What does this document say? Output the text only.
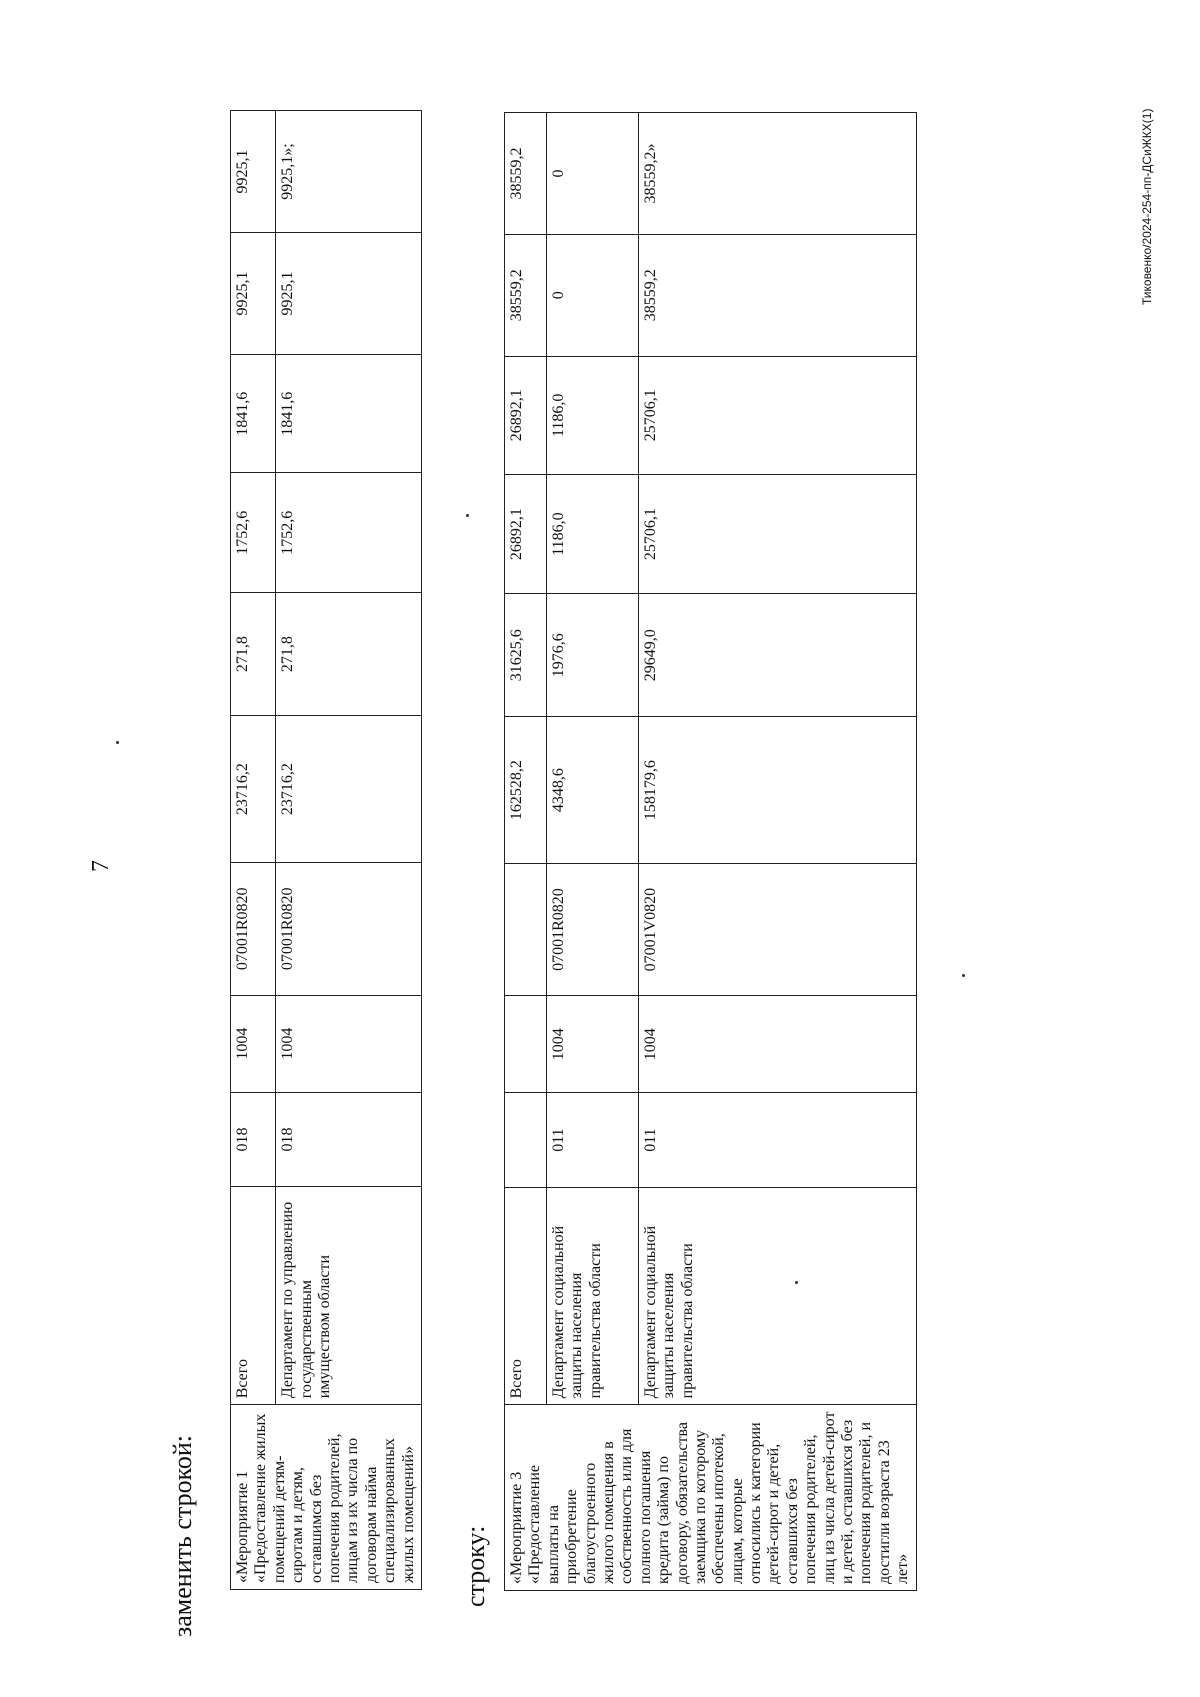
7
заменить строкой: «Мероприятие 1 «Предоставление жилых помещений детям-сиротам и детям, оставшимся без попечения родителей, лицам из их числа по договорам найма специализированных жилых помещений»	Всего	018	1004	07001R0820	23716,2	271,8	1752,6	1841,6	9925,1	9925,1
	Департамент по управлению государственным имуществом области	018	1004	07001R0820	23716,2	271,8	1752,6	1841,6	9925,1	9925,1»;
строку: «Мероприятие 3 «Предоставление выплаты на приобретение благоустроенного жилого помещения в собственность или для полного погашения кредита (займа) по договору, обязательства заемщика по которому обеспечены ипотекой, лицам, которые относились к категории детей-сирот и детей, оставшихся без попечения родителей, лиц из числа детей-сирот и детей, оставшихся без попечения родителей, и достигли возраста 23 лет»	Всего				162528,2	31625,6	26892,1	26892,1	38559,2	38559,2
	Департамент социальной защиты населения правительства области	011	1004	07001R0820	4348,6	1976,6	1186,0	1186,0	0	0
	Департамент социальной защиты населения правительства области	011	1004	07001V0820	158179,6	29649,0	25706,1	25706,1	38559,2	38559,2»	Тиковенко/2024-254-пп-ДСиЖКХ(1)
